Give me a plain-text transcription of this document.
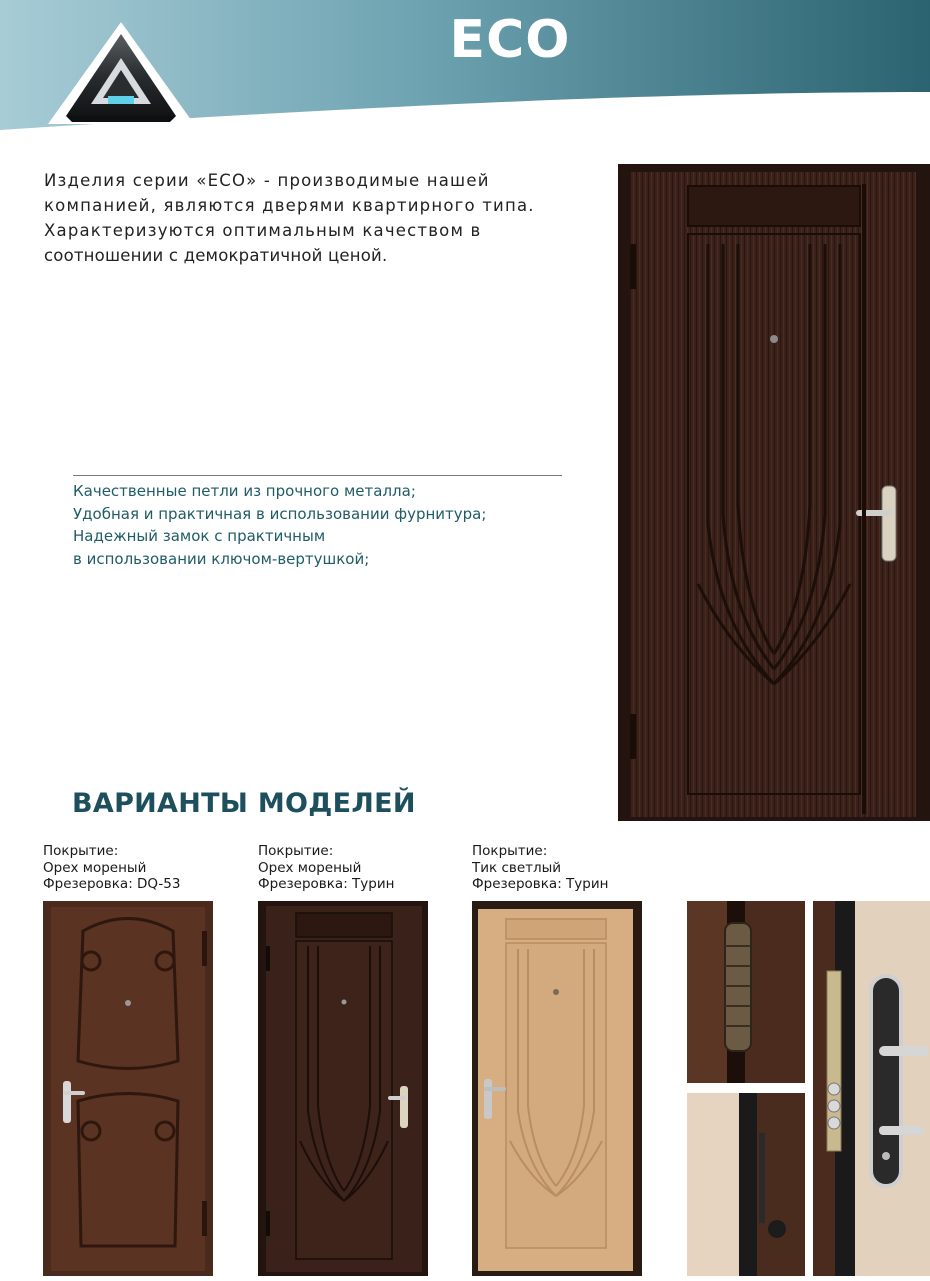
ECO
Изделия серии «ECO» - производимые нашей
компанией, являются дверями квартирного типа.
Характеризуются оптимальным качеством в
соотношении с демократичной ценой.
Качественные петли из прочного металла;
Удобная и практичная в использовании фурнитура;
Надежный замок с практичным
в использовании ключом-вертушкой;
ВАРИАНТЫ МОДЕЛЕЙ
Покрытие:
Орех мореный
Фрезеровка: DQ-53
Покрытие:
Орех мореный
Фрезеровка: Турин
Покрытие:
Тик светлый
Фрезеровка: Турин
